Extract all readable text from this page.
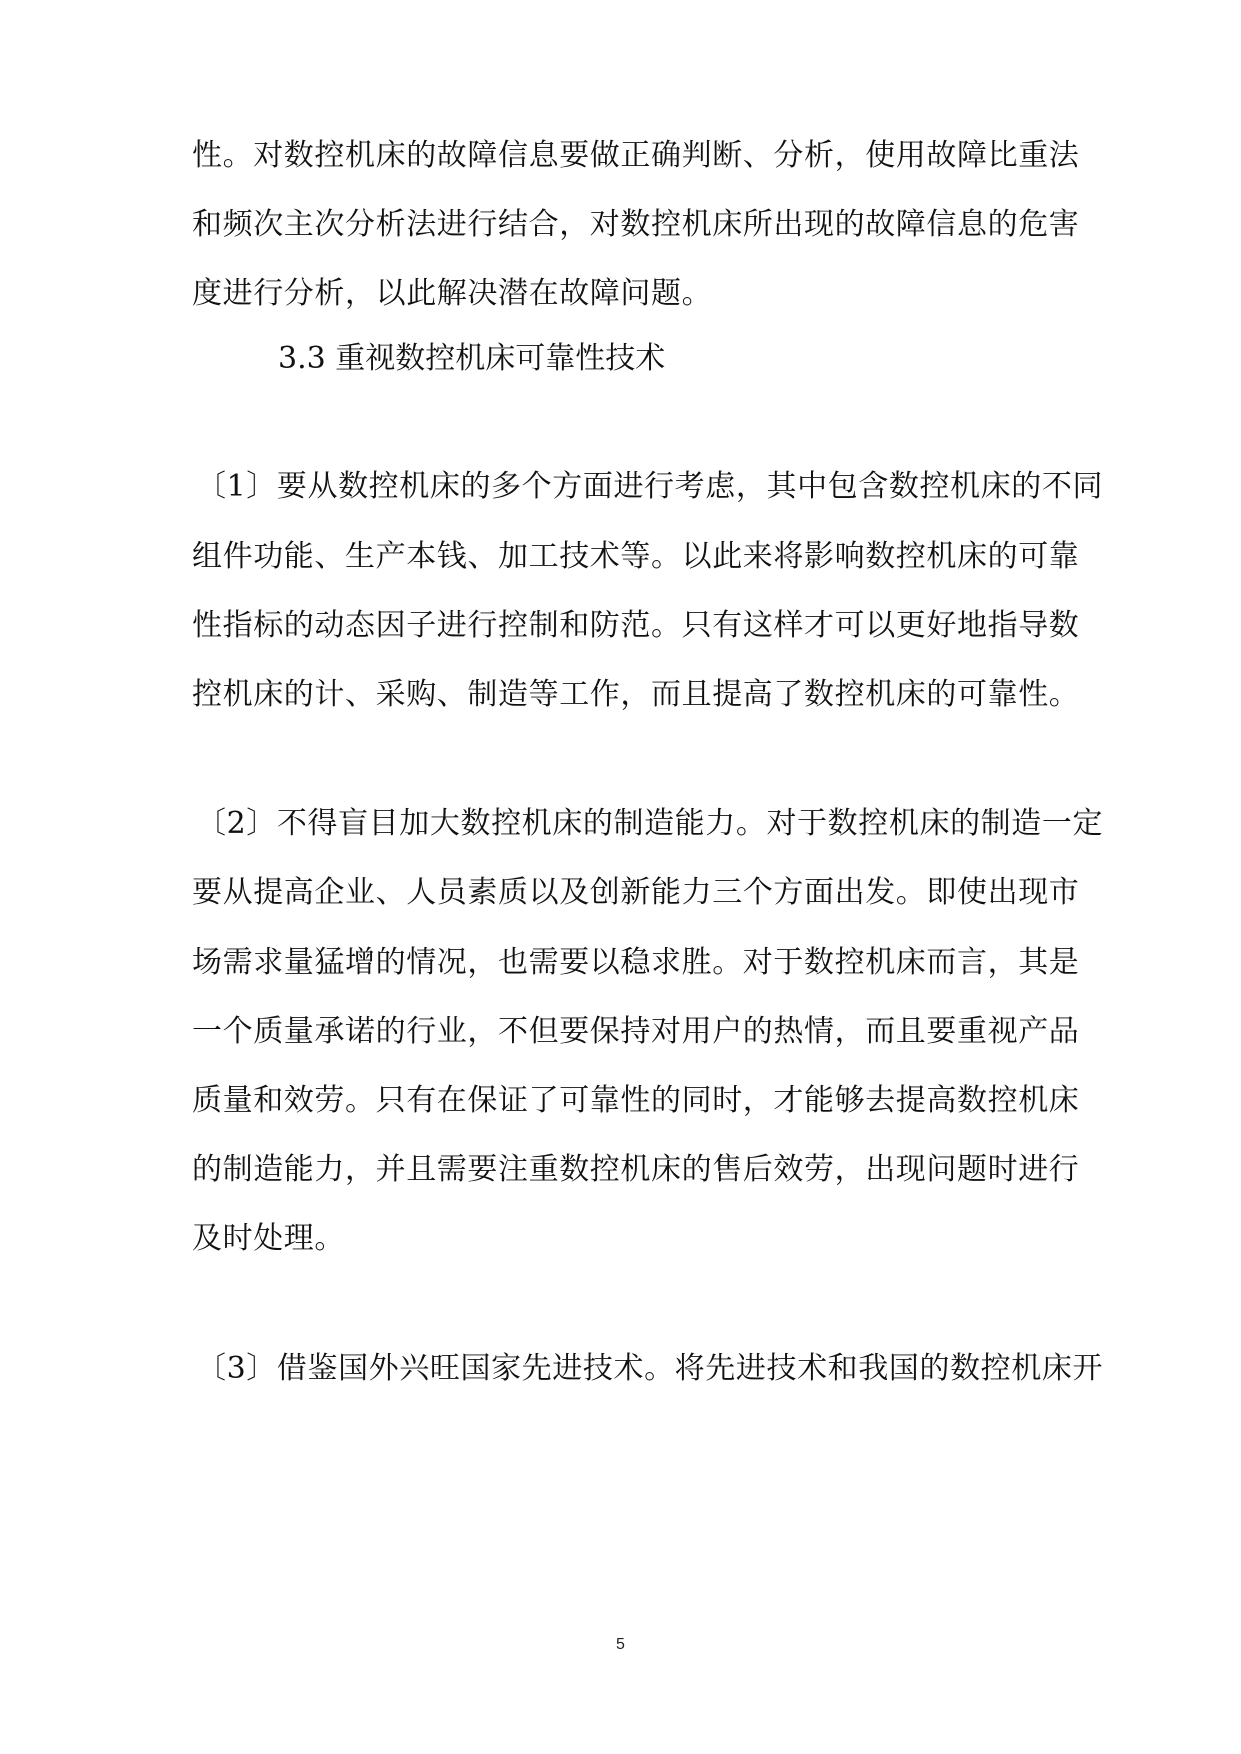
性。对数控机床的故障信息要做正确判断、分析，使用故障比重法
和频次主次分析法进行结合，对数控机床所出现的故障信息的危害
度进行分析，以此解决潜在故障问题。
3.3 重视数控机床可靠性技术
〔1〕要从数控机床的多个方面进行考虑，其中包含数控机床的不同
组件功能、生产本钱、加工技术等。以此来将影响数控机床的可靠
性指标的动态因子进行控制和防范。只有这样才可以更好地指导数
控机床的计、采购、制造等工作，而且提高了数控机床的可靠性。
〔2〕不得盲目加大数控机床的制造能力。对于数控机床的制造一定
要从提高企业、人员素质以及创新能力三个方面出发。即使出现市
场需求量猛增的情况，也需要以稳求胜。对于数控机床而言，其是
一个质量承诺的行业，不但要保持对用户的热情，而且要重视产品
质量和效劳。只有在保证了可靠性的同时，才能够去提高数控机床
的制造能力，并且需要注重数控机床的售后效劳，出现问题时进行
及时处理。
〔3〕借鉴国外兴旺国家先进技术。将先进技术和我国的数控机床开
5
